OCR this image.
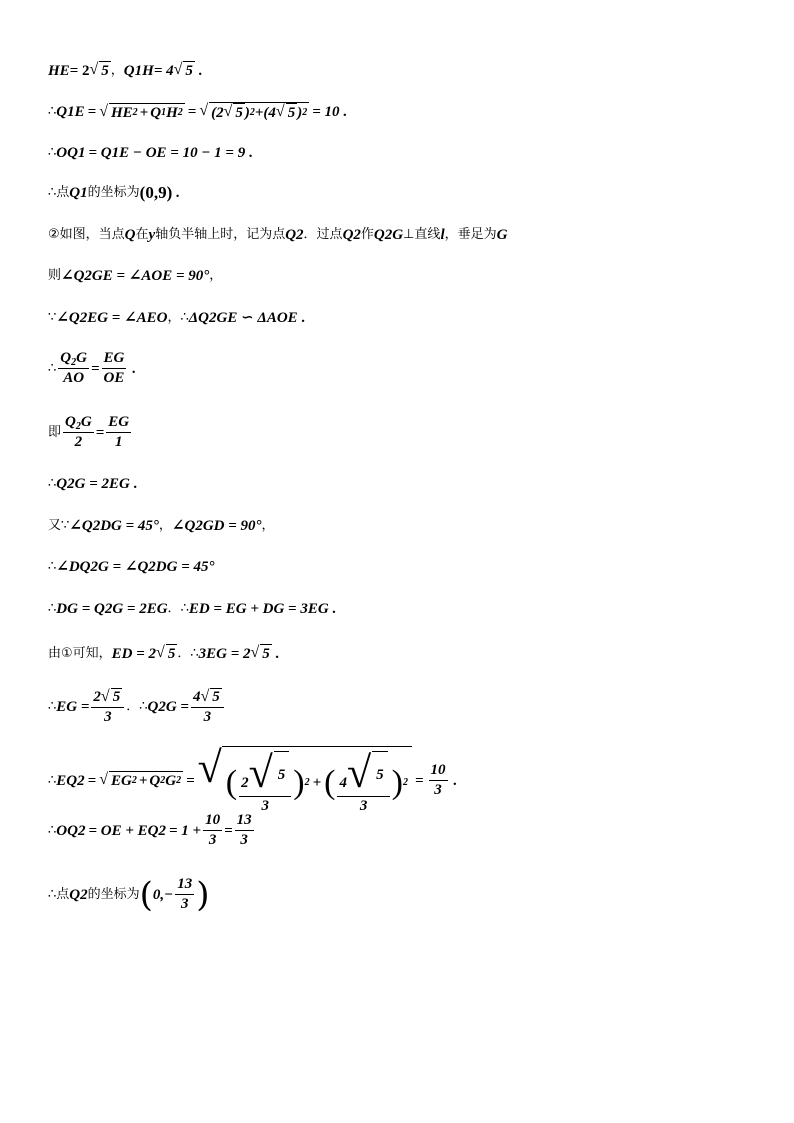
HE = 2 √ 5 ， Q 1 H = 4 √ 5 .
∴ Q 1 E = √ HE 2 + Q 1 H 2 = √ (2 √ 5 ) 2 +(4 √ 5 ) 2 = 10 .
∴ OQ 1 = Q 1 E − OE = 10 − 1 = 9 .
∴ 点 Q 1 的坐标为 (0,9) .
②如图，当点 Q 在 y 轴负半轴上时，记为点 Q 2 ．过点 Q 2 作 Q 2 G ⊥直线 l ，垂足为 G
则 ∠Q 2 GE = ∠AOE = 90° ，
∵ ∠Q 2 EG = ∠AEO ， ∴ ΔQ 2 GE ∽ ΔAOE .
∴ $\frac{Q_2G}{AO} = \frac{EG}{OE}$ .
即 $\frac{Q_2G}{2} = \frac{EG}{1}$
∴ Q 2 G = 2EG .
又∵ ∠Q 2 DG = 45° ， ∠Q 2 GD = 90° ，
∴ ∠DQ 2 G = ∠Q 2 DG = 45°
∴ DG = Q 2 G = 2EG ． ∴ ED = EG + DG = 3EG .
由①可知， ED = 2 √ 5 ． ∴ 3EG = 2 √ 5 .
∴ EG = $\frac{2 √ 5}{3}$ ． ∴ Q 2 $G = \frac{4 √ 5}{3}$
∴ EQ 2 = √ EG 2 + Q 2 G 2 = √ ( $\frac{2 √ 5}{3}$ ) 2 + ( $\frac{4 √ 5}{3}$ ) $2 = \frac{10}{3}$ .
∴ OQ 2 = OE + EQ $2 = 1 + \frac{10}{3} = \frac{13}{3}$
∴ 点 Q 2 的坐标为 ( $0,- \frac{13}{3}$ )
